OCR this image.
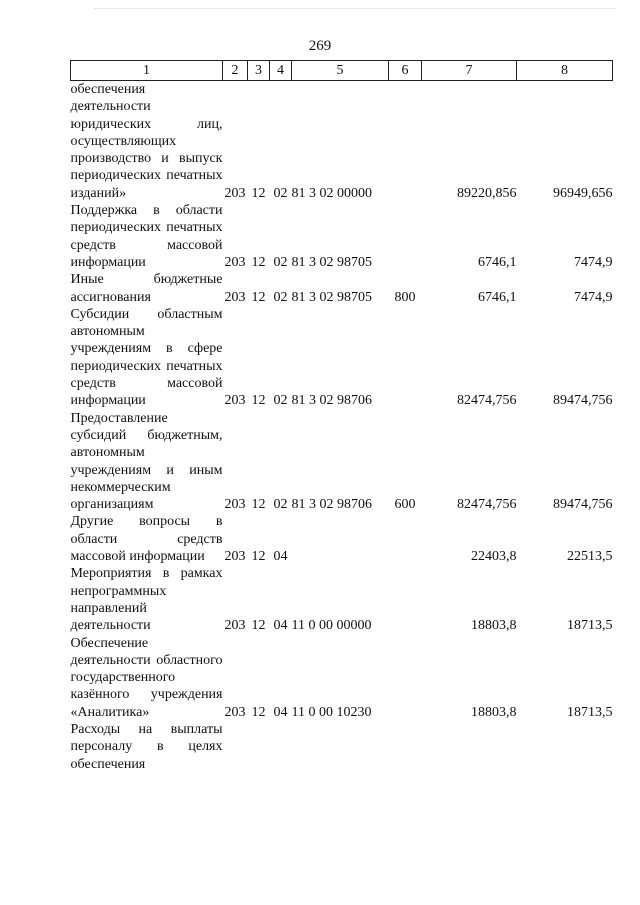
269
1	2	3	4	5	6	7	8
обеспечения деятельности юридических лиц, осуществляющих производство и выпуск периодических печатных изданий»	203	12	02	81 3 02 00000		89220,856	96949,656
Поддержка в области периодических печатных средств массовой информации	203	12	02	81 3 02 98705		6746,1	7474,9
Иные бюджетные ассигнования	203	12	02	81 3 02 98705	800	6746,1	7474,9
Субсидии областным автономным учреждениям в сфере периодических печатных средств массовой информации	203	12	02	81 3 02 98706		82474,756	89474,756
Предоставление субсидий бюджетным, автономным учреждениям и иным некоммерческим организациям	203	12	02	81 3 02 98706	600	82474,756	89474,756
Другие вопросы в области средств массовой информации	203	12	04			22403,8	22513,5
Мероприятия в рамках непрограммных направлений деятельности	203	12	04	11 0 00 00000		18803,8	18713,5
Обеспечение деятельности областного государственного казённого учреждения «Аналитика»	203	12	04	11 0 00 10230		18803,8	18713,5
Расходы на выплаты персоналу в целях обеспечения							
